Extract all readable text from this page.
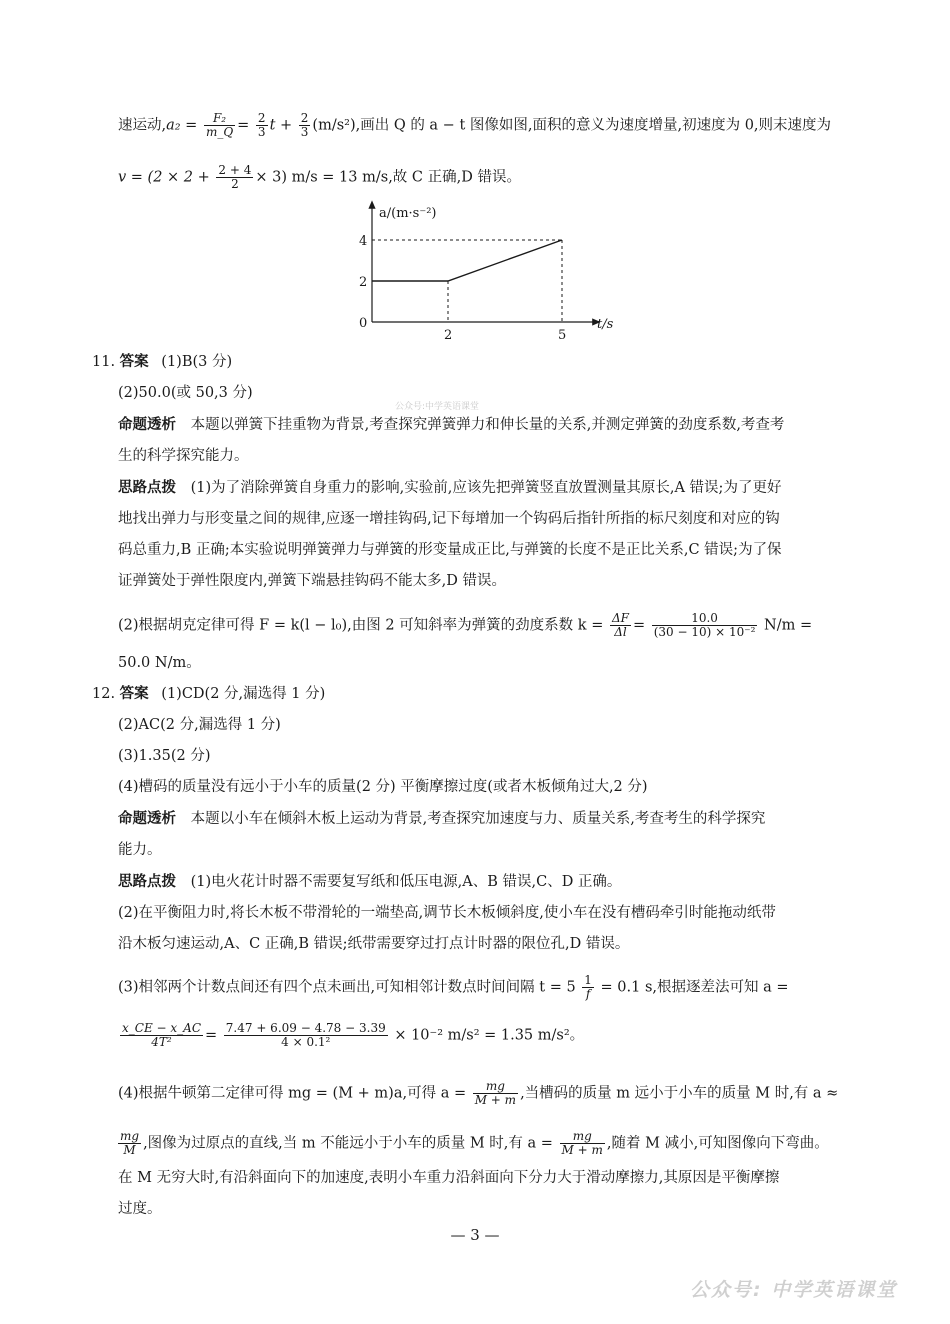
速运动$,a_2 = \frac{\text{F₂}}{m\_Q} = \frac{2}{3}$ $t + \frac{2}{3} (m/s^2)$,画出 Q 的 a − t 图像如图,面积的意义为速度增量,初速度为 0,则末速度为
$v = (2 \times 2 + \frac{2 + 4}{2} \times 3)$ m/s = 13 m/s,故 C 正确,D 错误。
a/(m·s⁻²)
t/s
0
2	5
2
4
11. 答案 (1)B(3 分)
(2)50.0(或 50,3 分)
公众号:中学英语课堂
命题透析 本题以弹簧下挂重物为背景,考查探究弹簧弹力和伸长量的关系,并测定弹簧的劲度系数,考查考
生的科学探究能力。
思路点拨 (1)为了消除弹簧自身重力的影响,实验前,应该先把弹簧竖直放置测量其原长,A 错误;为了更好
地找出弹力与形变量之间的规律,应逐一增挂钩码,记下每增加一个钩码后指针所指的标尺刻度和对应的钩
码总重力,B 正确;本实验说明弹簧弹力与弹簧的形变量成正比,与弹簧的长度不是正比关系,C 错误;为了保
证弹簧处于弹性限度内,弹簧下端悬挂钩码不能太多,D 错误。
(2)根据胡克定律可得 F = k(l − l₀),由图 2 可知斜率为弹簧的劲度系数 $k = \frac{\Delta F}{\Delta l} = \frac{10.0}{\text{(30 − 10) × 10⁻²}} N/m$ =
50.0 N/m。
12. 答案 (1)CD(2 分,漏选得 1 分)
(2)AC(2 分,漏选得 1 分)
(3)1.35(2 分)
(4)槽码的质量没有远小于小车的质量(2 分) 平衡摩擦过度(或者木板倾角过大,2 分)
命题透析 本题以小车在倾斜木板上运动为背景,考查探究加速度与力、质量关系,考查考生的科学探究
能力。
思路点拨 (1)电火花计时器不需要复写纸和低压电源,A、B 错误,C、D 正确。
(2)在平衡阻力时,将长木板不带滑轮的一端垫高,调节长木板倾斜度,使小车在没有槽码牵引时能拖动纸带
沿木板匀速运动,A、C 正确,B 错误;纸带需要穿过打点计时器的限位孔,D 错误。
(3)相邻两个计数点间还有四个点未画出,可知相邻计数点时间间隔 $t = 5 \frac{1}{f} = 0.1$ s,根据逐差法可知 a =
$\frac{x\_CE - x\_AC}{\text{4T²}} = \frac{7.47 + 6.09 - 4.78 - 3.39}{\text{4 × 0.1²}} \times 10^{-2}$ m/s² = 1.35 m/s²。
(4)根据牛顿第二定律可得 mg = (M + m)a,可得 $a = \frac{mg}{M + m}$ ,当槽码的质量 m 远小于小车的质量 M 时,有 a ≈
$\frac{mg}{M}$ ,图像为过原点的直线,当 m 不能远小于小车的质量 M 时,有 $a = \frac{mg}{M + m}$ ,随着 M 减小,可知图像向下弯曲。
在 M 无穷大时,有沿斜面向下的加速度,表明小车重力沿斜面向下分力大于滑动摩擦力,其原因是平衡摩擦
过度。
— 3 —
公众号: 中学英语课堂
